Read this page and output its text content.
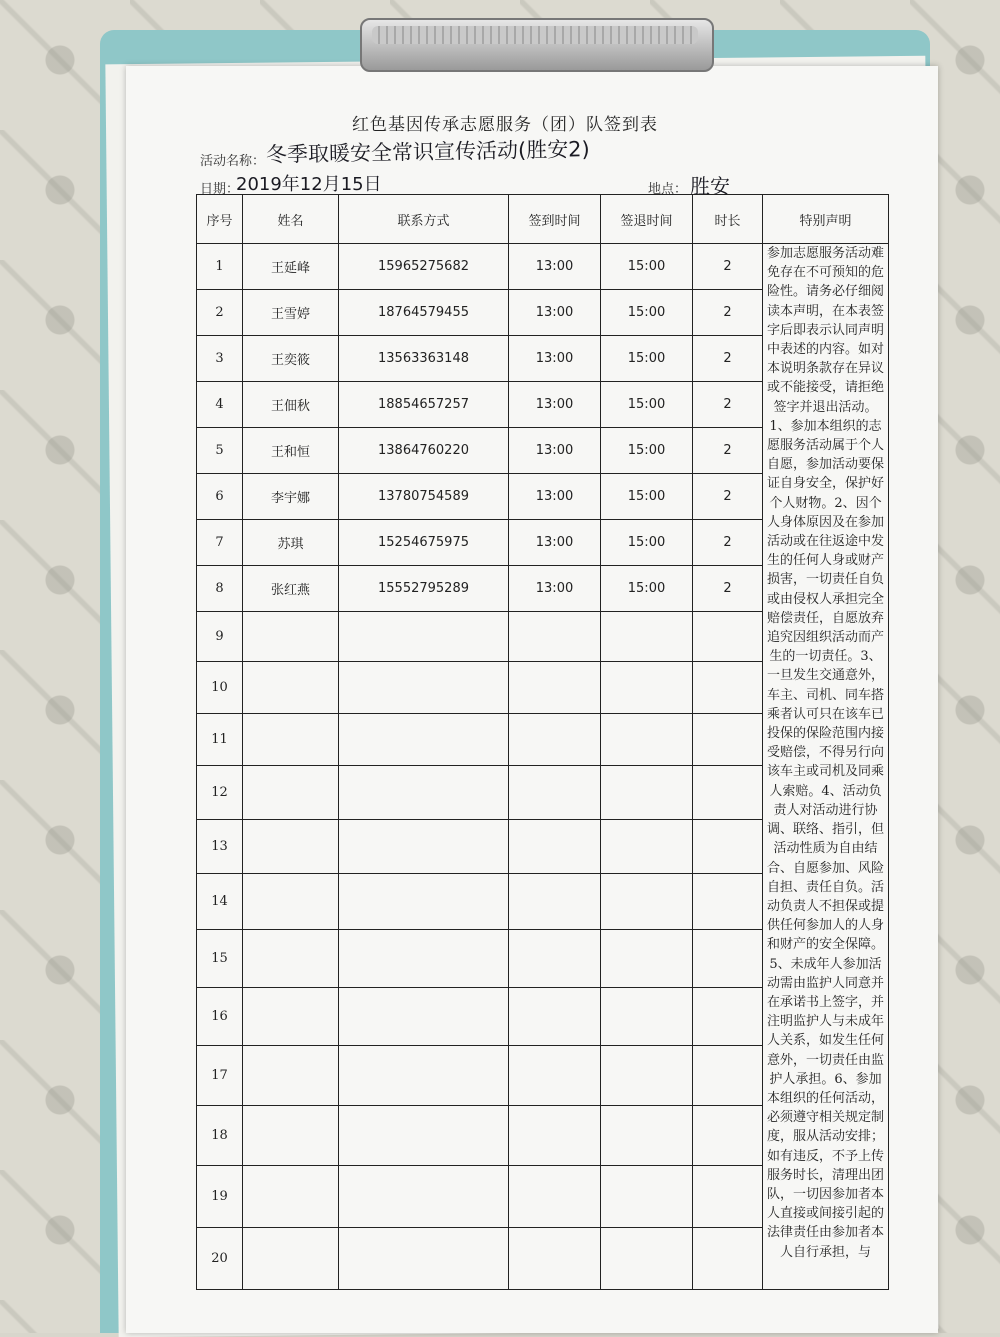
红色基因传承志愿服务（团）队签到表
活动名称： 冬季取暖安全常识宣传活动(胜安2)
日期：
2019年12月15日	地点： 胜安
序号	姓名	联系方式	签到时间	签退时间	时长	特别声明
1	王延峰	15965275682	13:00	15:00	2	参加志愿服务活动难免存在不可预知的危险性。请务必仔细阅读本声明，在本表签字后即表示认同声明中表述的内容。如对本说明条款存在异议或不能接受，请拒绝签字并退出活动。 1、参加本组织的志愿服务活动属于个人自愿，参加活动要保证自身安全，保护好个人财物。2、因个人身体原因及在参加活动或在往返途中发生的任何人身或财产损害，一切责任自负或由侵权人承担完全赔偿责任，自愿放弃追究因组织活动而产生的一切责任。3、一旦发生交通意外，车主、司机、同车搭乘者认可只在该车已投保的保险范围内接受赔偿，不得另行向该车主或司机及同乘人索赔。4、活动负责人对活动进行协调、联络、指引，但活动性质为自由结合、自愿参加、风险自担、责任自负。活动负责人不担保或提供任何参加人的人身和财产的安全保障。5、未成年人参加活动需由监护人同意并在承诺书上签字，并注明监护人与未成年人关系，如发生任何意外，一切责任由监护人承担。6、参加本组织的任何活动，必须遵守相关规定制度，服从活动安排；如有违反，不予上传服务时长，清理出团队，一切因参加者本人直接或间接引起的法律责任由参加者本人自行承担，与
2	王雪婷	18764579455	13:00	15:00	2	
3	王奕筱	13563363148	13:00	15:00	2	
4	王佃秋	18854657257	13:00	15:00	2	
5	王和恒	13864760220	13:00	15:00	2	
6	李宇娜	13780754589	13:00	15:00	2	
7	苏琪	15254675975	13:00	15:00	2	
8	张红燕	15552795289	13:00	15:00	2	
9						
10						
11						
12						
13						
14						
15						
16						
17						
18						
19						
20						
